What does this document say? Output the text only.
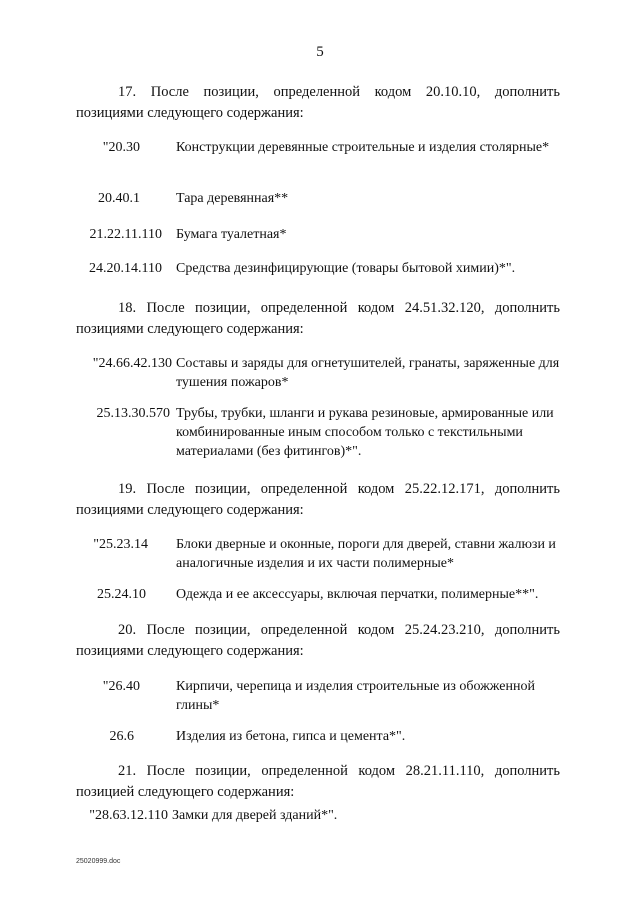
5
17. После позиции, определенной кодом 20.10.10, дополнить
позициями следующего содержания:
"20.30	Конструкции деревянные строительные и изделия столярные*
20.40.1	Тара деревянная**
21.22.11.110 Бумага туалетная*
24.20.14.110 Средства дезинфицирующие (товары бытовой химии)*".
18. После позиции, определенной кодом 24.51.32.120, дополнить
позициями следующего содержания:
"24.66.42.130 Составы и заряды для огнетушителей, гранаты, заряженные для тушения пожаров*
25.13.30.570 Трубы, трубки, шланги и рукава резиновые, армированные или комбинированные иным способом только с текстильными материалами (без фитингов)*".
19. После позиции, определенной кодом 25.22.12.171, дополнить
позициями следующего содержания:
"25.23.14 Блоки дверные и оконные, пороги для дверей, ставни жалюзи и аналогичные изделия и их части полимерные*
25.24.10 Одежда и ее аксессуары, включая перчатки, полимерные**".
20. После позиции, определенной кодом 25.24.23.210, дополнить
позициями следующего содержания:
"26.40	Кирпичи, черепица и изделия строительные из обожженной глины*
26.6	Изделия из бетона, гипса и цемента*".
21. После позиции, определенной кодом 28.21.11.110, дополнить
позицией следующего содержания:
"28.63.12.110 Замки для дверей зданий*".
25020999.doc
